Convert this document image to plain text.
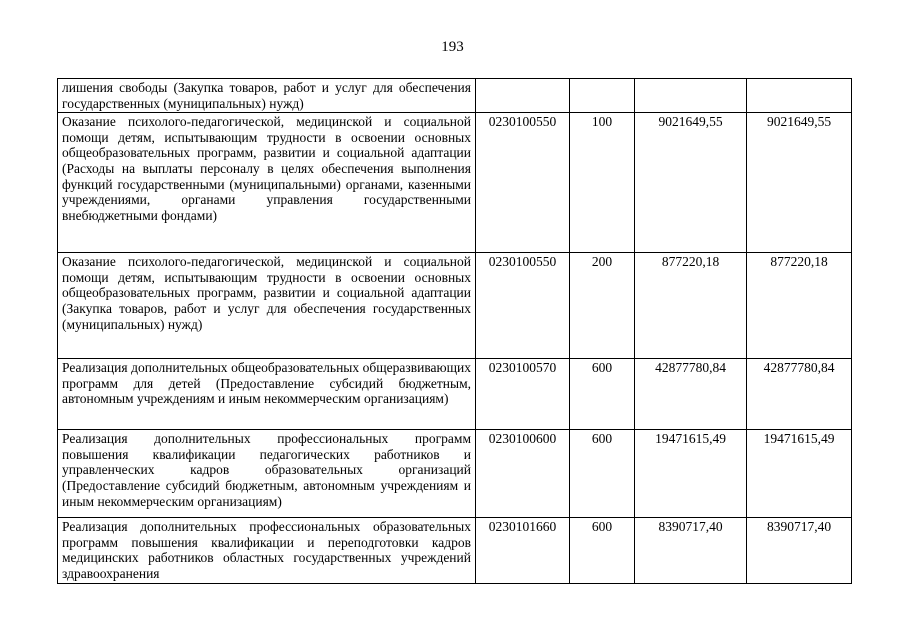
193
лишения свободы (Закупка товаров, работ и услуг для обеспечения государственных (муниципальных) нужд)				
Оказание психолого-педагогической, медицинской и социальной помощи детям, испытывающим трудности в освоении основных общеобразовательных программ, развитии и социальной адаптации (Расходы на выплаты персоналу в целях обеспечения выполнения функций государственными (муниципальными) органами, казенными учреждениями, органами управления государственными внебюджетными фондами)	0230100550	100	9021649,55	9021649,55
Оказание психолого-педагогической, медицинской и социальной помощи детям, испытывающим трудности в освоении основных общеобразовательных программ, развитии и социальной адаптации (Закупка товаров, работ и услуг для обеспечения государственных (муниципальных) нужд)	0230100550	200	877220,18	877220,18
Реализация дополнительных общеобразовательных общеразвивающих программ для детей (Предоставление субсидий бюджетным, автономным учреждениям и иным некоммерческим организациям)	0230100570	600	42877780,84	42877780,84
Реализация дополнительных профессиональных программ повышения квалификации педагогических работников и управленческих кадров образовательных организаций (Предоставление субсидий бюджетным, автономным учреждениям и иным некоммерческим организациям)	0230100600	600	19471615,49	19471615,49
Реализация дополнительных профессиональных образовательных программ повышения квалификации и переподготовки кадров медицинских работников областных государственных учреждений здравоохранения	0230101660	600	8390717,40	8390717,40
